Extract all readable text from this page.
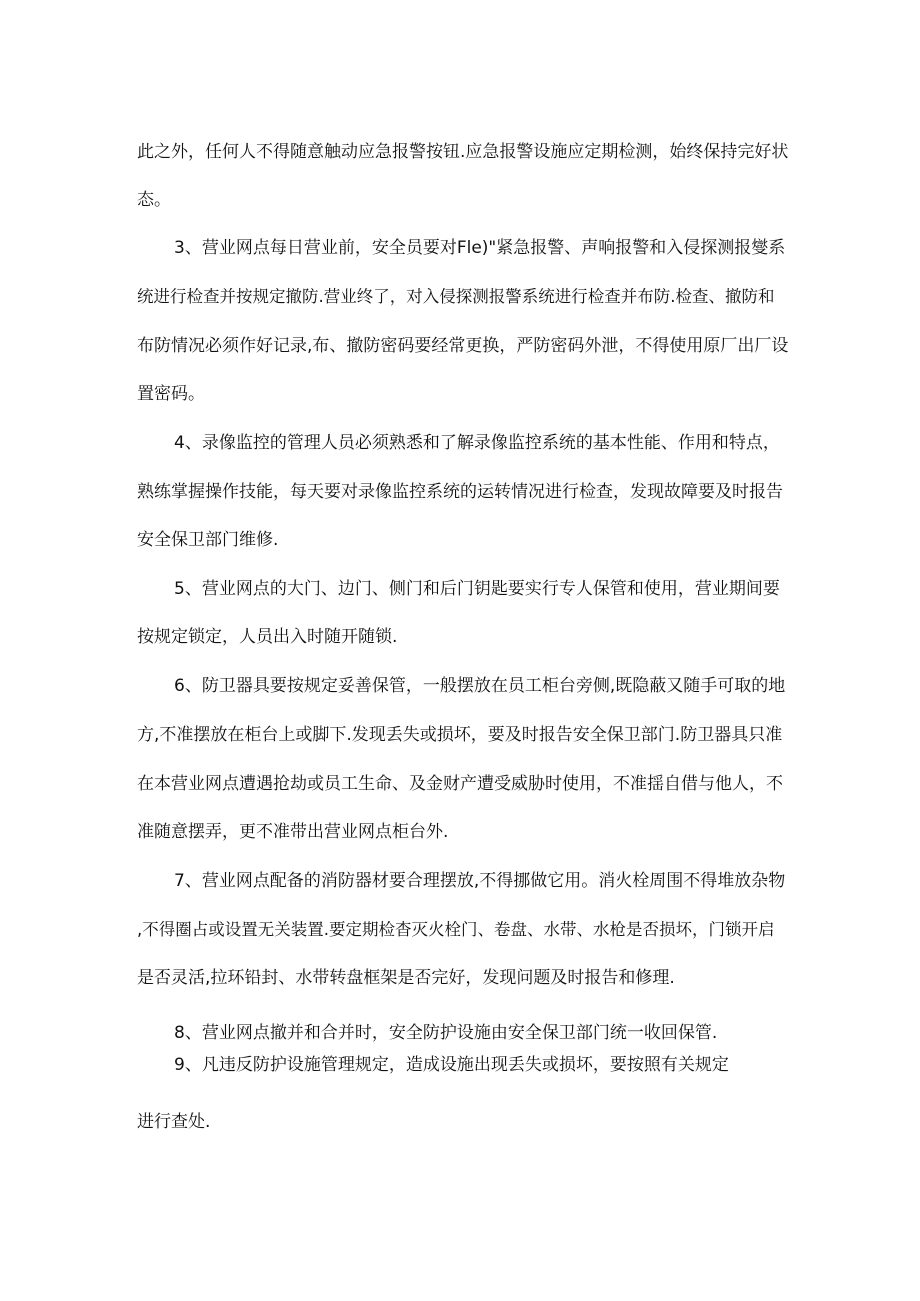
此之外，任何人不得随意触动应急报警按钮.应急报警设施应定期检测，始终保持完好状
态。
3、营业网点每日营业前，安全员要对Fle)"紧急报警、声响报警和入侵探测报燮系
统进行检查并按规定撤防.营业终了，对入侵探测报警系统进行检查并布防.检查、撤防和
布防情况必须作好记录,布、撤防密码要经常更换，严防密码外泄，不得使用原厂出厂设
置密码。
4、录像监控的管理人员必须熟悉和了解录像监控系统的基本性能、作用和特点，
熟练掌握操作技能，每天要对录像监控系统的运转情况进行检查，发现故障要及时报告
安全保卫部门维修.
5、营业网点的大门、边门、侧门和后门钥匙要实行专人保管和使用，营业期间要
按规定锁定，人员出入时随开随锁.
6、防卫器具要按规定妥善保管，一般摆放在员工柜台旁侧,既隐蔽又随手可取的地
方,不准摆放在柜台上或脚下.发现丢失或损坏，要及时报告安全保卫部门.防卫器具只准
在本营业网点遭遇抢劫或员工生命、及金财产遭受威胁时使用，不准揺自借与他人，不
准随意摆弄，更不准带出营业网点柜台外.
7、营业网点配备的消防器材要合理摆放,不得挪做它用。消火栓周围不得堆放杂物
,不得圈占或设置无关装置.要定期检杳灭火栓门、卷盘、水带、水枪是否损坏，门锁开启
是否灵活,拉环铅封、水带转盘框架是否完好，发现问题及时报告和修理.
8、营业网点撤并和合并时，安全防护设施由安全保卫部门统一收回保管.
9、凡违反防护设施管理规定，造成设施出现丢失或损坏，要按照有关规定
进行查处.
